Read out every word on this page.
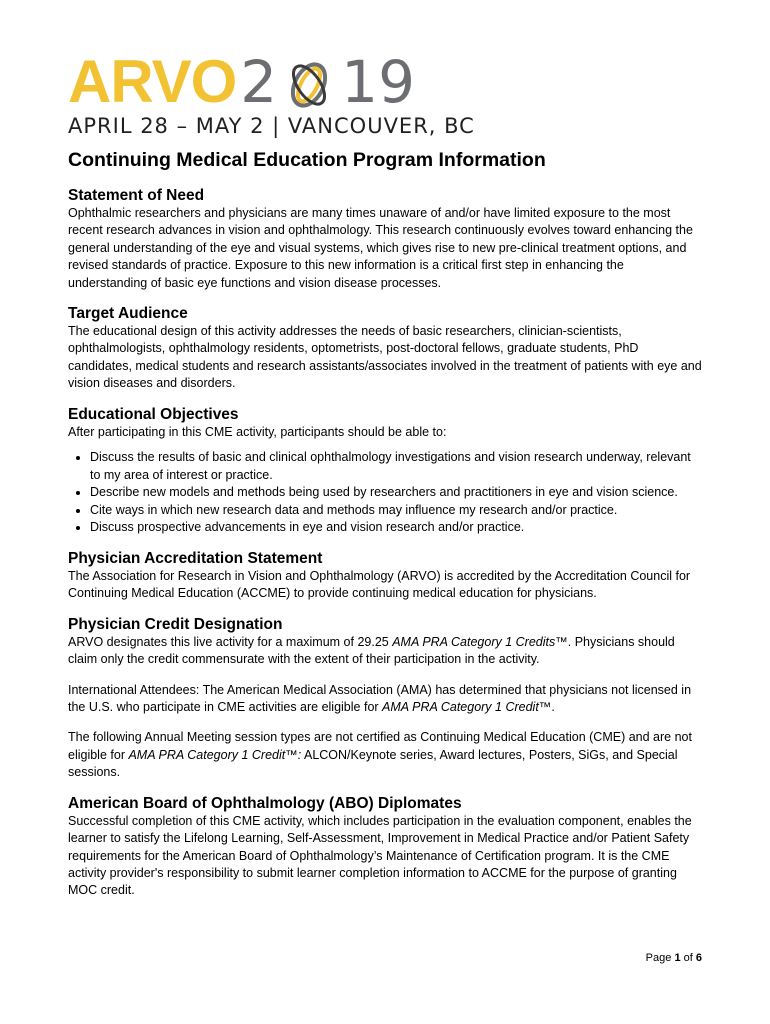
ARVO 2 19
APRIL 28 – MAY 2 | VANCOUVER, BC
Continuing Medical Education Program Information
Statement of Need

Ophthalmic researchers and physicians are many times unaware of and/or have limited exposure to the most recent research advances in vision and ophthalmology. This research continuously evolves toward enhancing the general understanding of the eye and visual systems, which gives rise to new pre-clinical treatment options, and revised standards of practice. Exposure to this new information is a critical first step in enhancing the understanding of basic eye functions and vision disease processes.

Target Audience

The educational design of this activity addresses the needs of basic researchers, clinician-scientists, ophthalmologists, ophthalmology residents, optometrists, post-doctoral fellows, graduate students, PhD candidates, medical students and research assistants/associates involved in the treatment of patients with eye and vision diseases and disorders.

Educational Objectives

After participating in this CME activity, participants should be able to:

• Discuss the results of basic and clinical ophthalmology investigations and vision research underway, relevant to my area of interest or practice.
• Describe new models and methods being used by researchers and practitioners in eye and vision science.
• Cite ways in which new research data and methods may influence my research and/or practice.
• Discuss prospective advancements in eye and vision research and/or practice.
Physician Accreditation Statement

The Association for Research in Vision and Ophthalmology (ARVO) is accredited by the Accreditation Council for Continuing Medical Education (ACCME) to provide continuing medical education for physicians.

Physician Credit Designation

ARVO designates this live activity for a maximum of 29.25 AMA PRA Category 1 Credits™. Physicians should claim only the credit commensurate with the extent of their participation in the activity.

International Attendees: The American Medical Association (AMA) has determined that physicians not licensed in the U.S. who participate in CME activities are eligible for AMA PRA Category 1 Credit™.

The following Annual Meeting session types are not certified as Continuing Medical Education (CME) and are not eligible for AMA PRA Category 1 Credit™: ALCON/Keynote series, Award lectures, Posters, SiGs, and Special sessions.

American Board of Ophthalmology (ABO) Diplomates

Successful completion of this CME activity, which includes participation in the evaluation component, enables the learner to satisfy the Lifelong Learning, Self-Assessment, Improvement in Medical Practice and/or Patient Safety requirements for the American Board of Ophthalmology’s Maintenance of Certification program. It is the CME activity provider's responsibility to submit learner completion information to ACCME for the purpose of granting MOC credit.

Page 1 of 6
